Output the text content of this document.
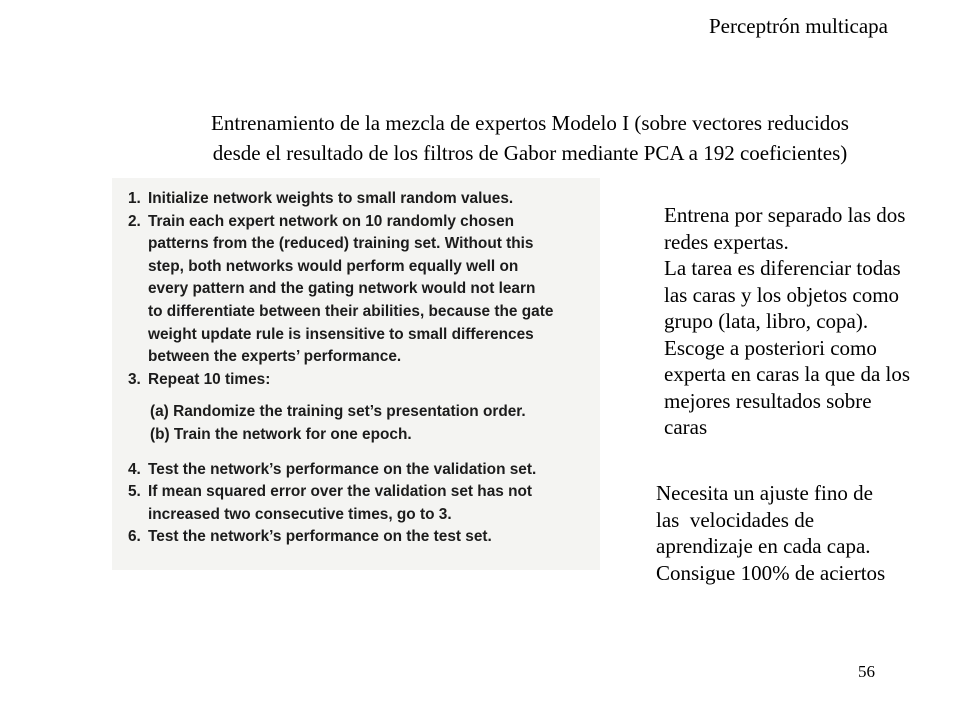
Perceptrón multicapa
Entrenamiento de la mezcla de expertos Modelo I (sobre vectores reducidos
desde el resultado de los filtros de Gabor mediante PCA a 192 coeficientes)
1. Initialize network weights to small random values.
2. Train each expert network on 10 randomly chosen
patterns from the (reduced) training set. Without this
step, both networks would perform equally well on
every pattern and the gating network would not learn
to differentiate between their abilities, because the gate
weight update rule is insensitive to small differences
between the experts’ performance.
3. Repeat 10 times:
(a) Randomize the training set’s presentation order.
(b) Train the network for one epoch.
4. Test the network’s performance on the validation set.
5. If mean squared error over the validation set has not
increased two consecutive times, go to 3.
6. Test the network’s performance on the test set.
Entrena por separado las dos
redes expertas.
La tarea es diferenciar todas
las caras y los objetos como
grupo (lata, libro, copa).
Escoge a posteriori como
experta en caras la que da los
mejores resultados sobre
caras
Necesita un ajuste fino de
las  velocidades de
aprendizaje en cada capa.
Consigue 100% de aciertos
56
